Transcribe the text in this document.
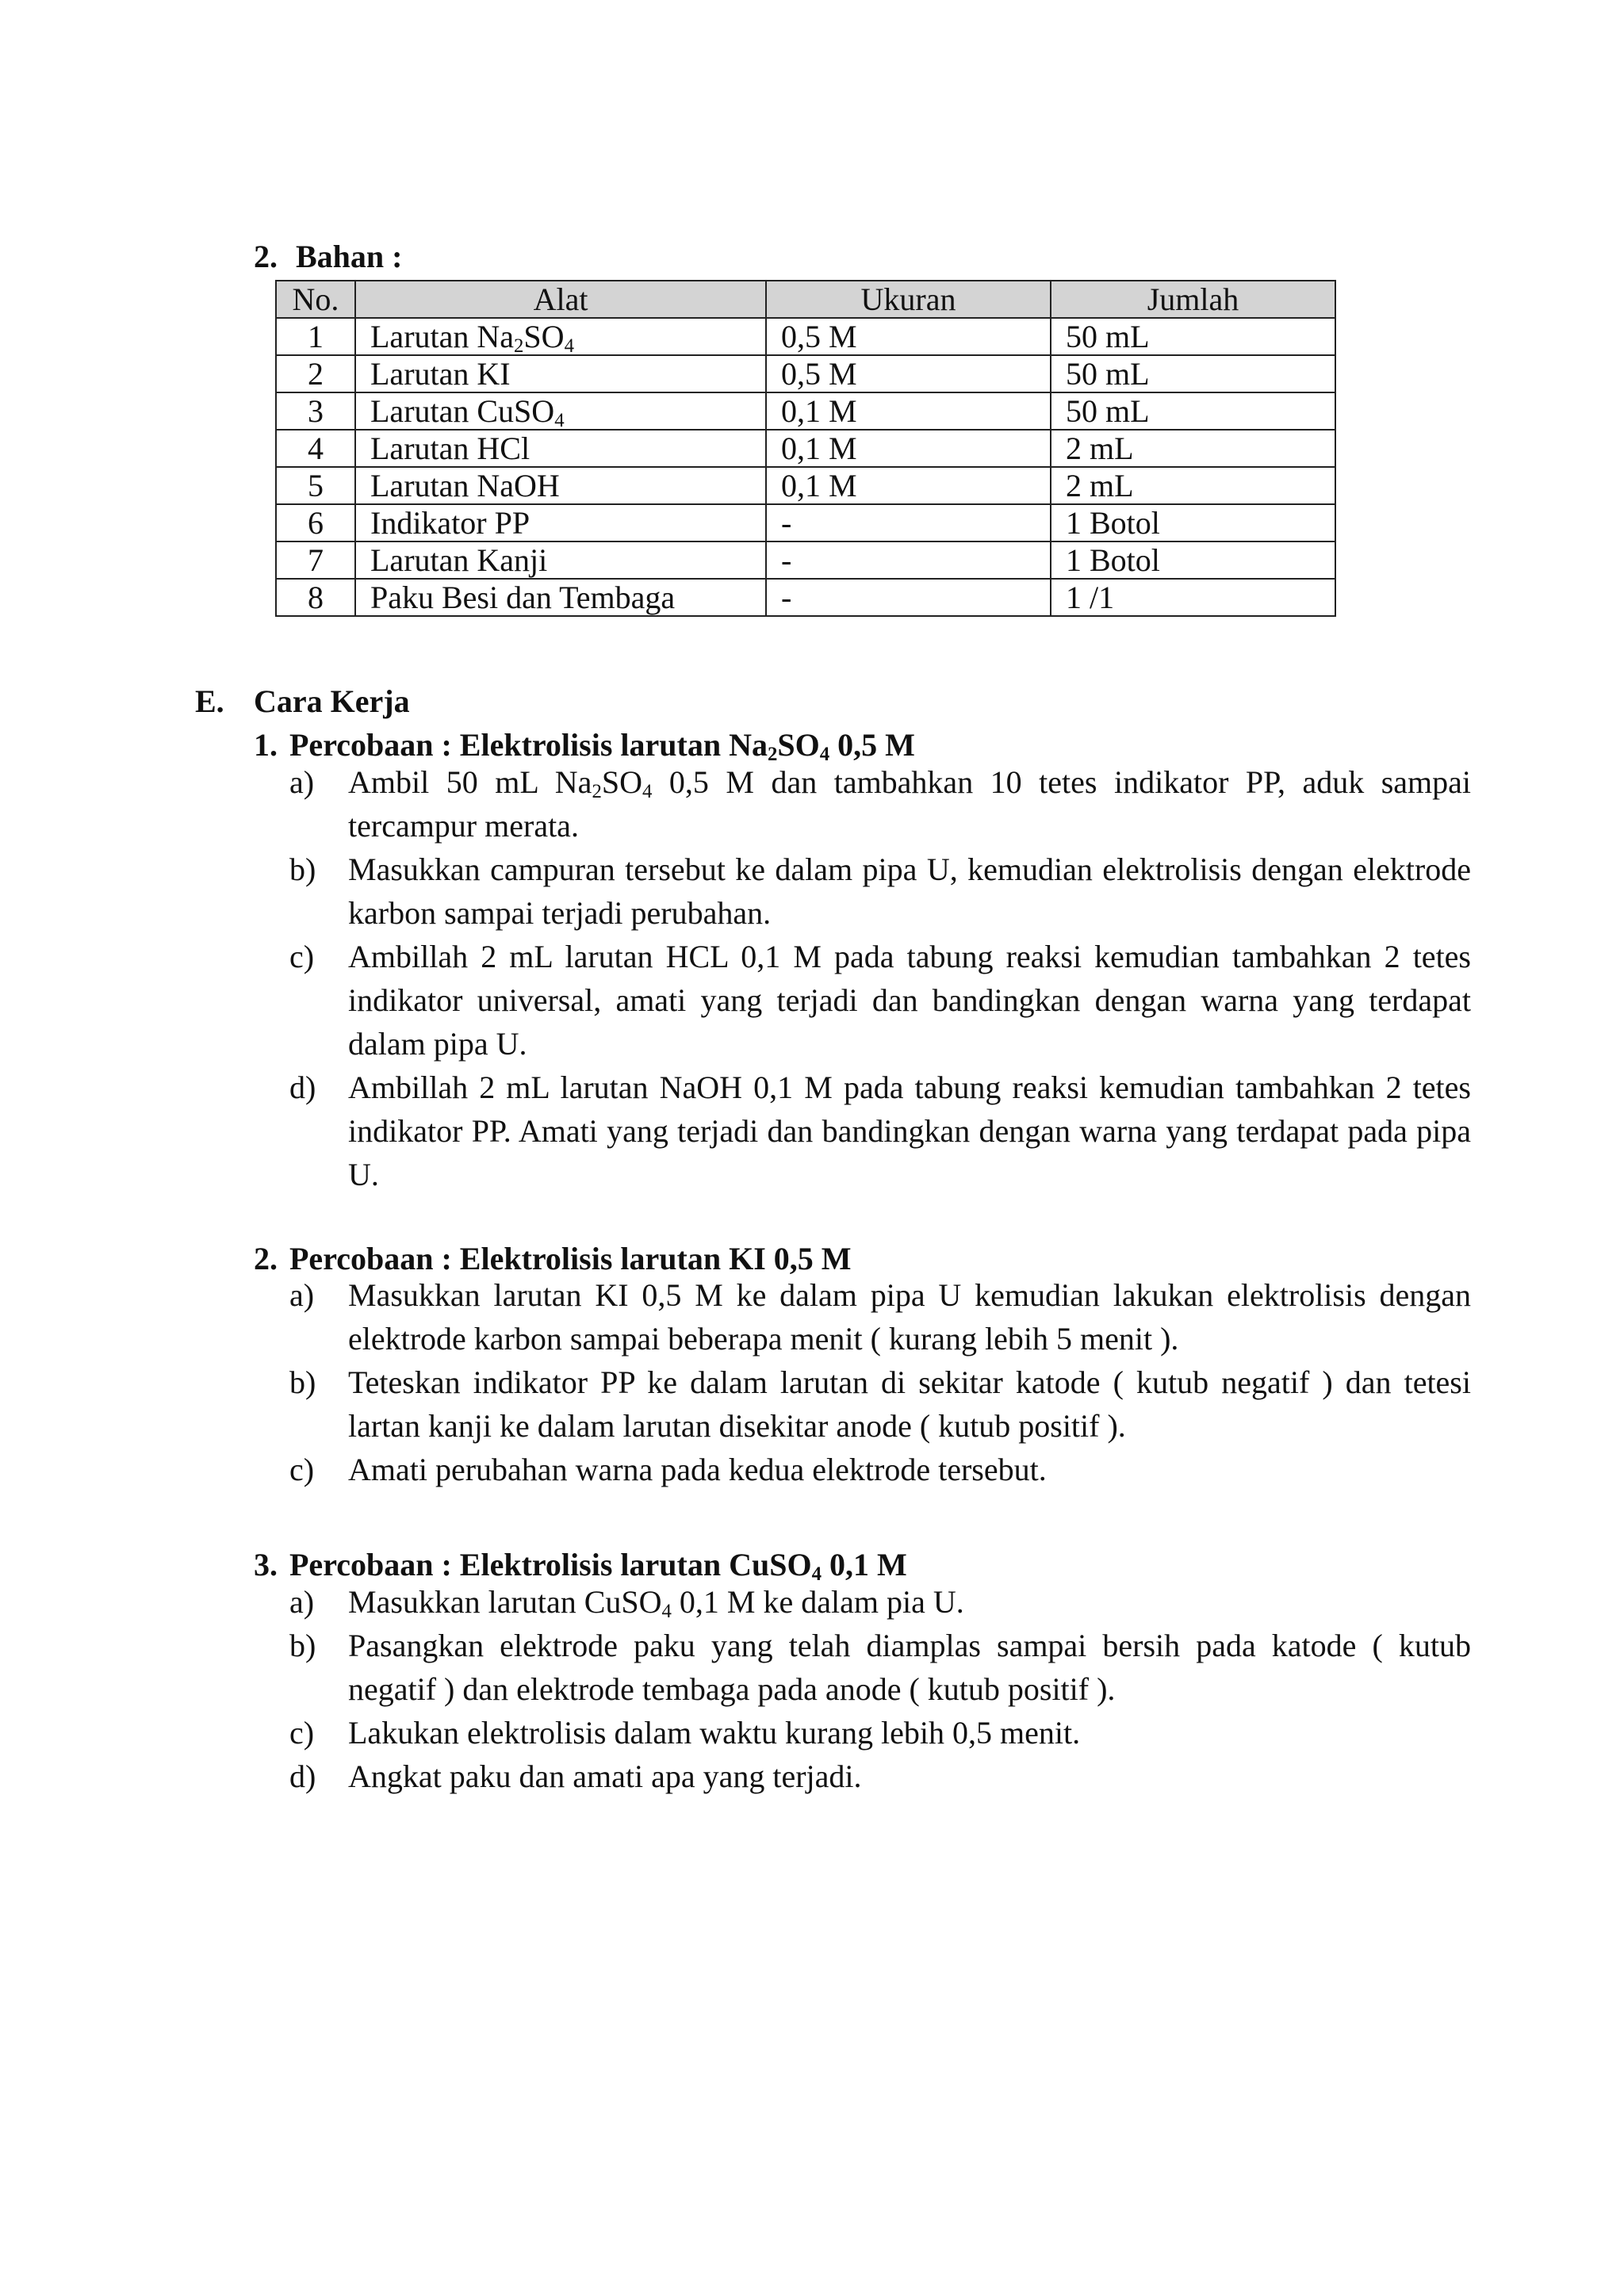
2. Bahan :
No.	Alat	Ukuran	Jumlah
1	Larutan $Na_2SO_4$	0,5 M	50 mL
2	Larutan KI	0,5 M	50 mL
3	Larutan CuSO$_4$	0,1 M	50 mL
4	Larutan HCl	0,1 M	2 mL
5	Larutan NaOH	0,1 M	2 mL
6	Indikator PP	-	1 Botol
7	Larutan Kanji	-	1 Botol
8	Paku Besi dan Tembaga	-	1 /1
E. Cara Kerja
1. Percobaan : Elektrolisis larutan $Na_2SO_4$ 0,5 M
a)	Ambil 50 mL $Na_2SO_4$ 0,5 M dan tambahkan 10 tetes indikator PP, aduk sampai tercampur merata.
b)	Masukkan campuran tersebut ke dalam pipa U, kemudian elektrolisis dengan elektrode karbon sampai terjadi perubahan.
c)	Ambillah 2 mL larutan HCL 0,1 M pada tabung reaksi kemudian tambahkan 2 tetes indikator universal, amati yang terjadi dan bandingkan dengan warna yang terdapat dalam pipa U.
d)	Ambillah 2 mL larutan NaOH 0,1 M pada tabung reaksi kemudian tambahkan 2 tetes indikator PP. Amati yang terjadi dan bandingkan dengan warna yang terdapat pada pipa U.
2. Percobaan : Elektrolisis larutan KI 0,5 M
a)	Masukkan larutan KI 0,5 M ke dalam pipa U kemudian lakukan elektrolisis dengan elektrode karbon sampai beberapa menit ( kurang lebih 5 menit ).
b)	Teteskan indikator PP ke dalam larutan di sekitar katode ( kutub negatif ) dan tetesi lartan kanji ke dalam larutan disekitar anode ( kutub positif ).
c)	Amati perubahan warna pada kedua elektrode tersebut.
3. Percobaan : Elektrolisis larutan CuSO$_4$ 0,1 M
a)	Masukkan larutan CuSO$_4$ 0,1 M ke dalam pia U.
b)	Pasangkan elektrode paku yang telah diamplas sampai bersih pada katode ( kutub negatif ) dan elektrode tembaga pada anode ( kutub positif ).
c)	Lakukan elektrolisis dalam waktu kurang lebih 0,5 menit.
d)	Angkat paku dan amati apa yang terjadi.
